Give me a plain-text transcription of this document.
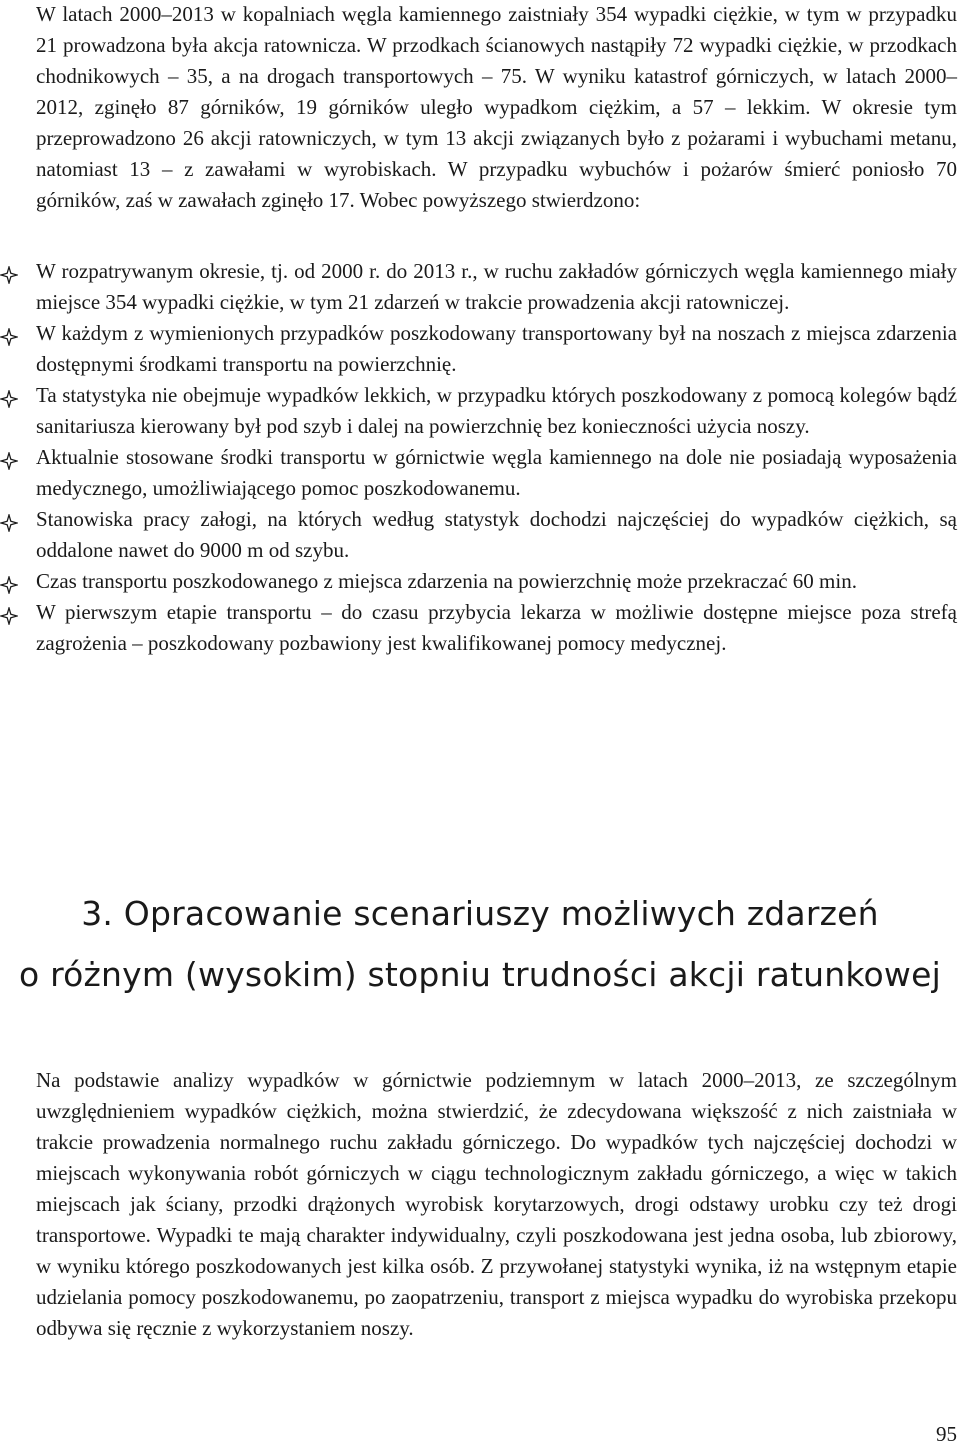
W latach 2000–2013 w kopalniach węgla kamiennego zaistniały 354 wypadki ciężkie, w tym w przypadku 21 prowadzona była akcja ratownicza. W przodkach ścianowych nastąpiły 72 wypadki ciężkie, w przodkach chodnikowych – 35, a na drogach transportowych – 75. W wyniku katastrof górniczych, w latach 2000–2012, zginęło 87 górników, 19 górników uległo wypadkom ciężkim, a 57 – lekkim. W okresie tym przeprowadzono 26 akcji ratowniczych, w tym 13 akcji związanych było z pożarami i wybuchami metanu, natomiast 13 – z zawałami w wyrobiskach. W przypadku wybuchów i pożarów śmierć poniosło 70 górników, zaś w zawałach zginęło 17. Wobec powyższego stwierdzono:

W rozpatrywanym okresie, tj. od 2000 r. do 2013 r., w ruchu zakładów górniczych węgla kamiennego miały miejsce 354 wypadki ciężkie, w tym 21 zdarzeń w trakcie prowadzenia akcji ratowniczej.
W każdym z wymienionych przypadków poszkodowany transportowany był na noszach z miejsca zdarzenia dostępnymi środkami transportu na powierzchnię.
Ta statystyka nie obejmuje wypadków lekkich, w przypadku których poszkodowany z pomocą kolegów bądź sanitariusza kierowany był pod szyb i dalej na powierzchnię bez konieczności użycia noszy.
Aktualnie stosowane środki transportu w górnictwie węgla kamiennego na dole nie posiadają wyposażenia medycznego, umożliwiającego pomoc poszkodowanemu.
Stanowiska pracy załogi, na których według statystyk dochodzi najczęściej do wypadków ciężkich, są oddalone nawet do 9000 m od szybu.
Czas transportu poszkodowanego z miejsca zdarzenia na powierzchnię może przekraczać 60 min.
W pierwszym etapie transportu – do czasu przybycia lekarza w możliwie dostępne miejsce poza strefą zagrożenia – poszkodowany pozbawiony jest kwalifikowanej pomocy medycznej.
3. Opracowanie scenariuszy możliwych zdarzeń
o różnym (wysokim) stopniu trudności akcji ratunkowej

Na podstawie analizy wypadków w górnictwie podziemnym w latach 2000–2013, ze szczególnym uwzględnieniem wypadków ciężkich, można stwierdzić, że zdecydowana większość z nich zaistniała w trakcie prowadzenia normalnego ruchu zakładu górniczego. Do wypadków tych najczęściej dochodzi w miejscach wykonywania robót górniczych w ciągu technologicznym zakładu górniczego, a więc w takich miejscach jak ściany, przodki drążonych wyrobisk korytarzowych, drogi odstawy urobku czy też drogi transportowe. Wypadki te mają charakter indywidualny, czyli poszkodowana jest jedna osoba, lub zbiorowy, w wyniku którego poszkodowanych jest kilka osób. Z przywołanej statystyki wynika, iż na wstępnym etapie udzielania pomocy poszkodowanemu, po zaopatrzeniu, transport z miejsca wypadku do wyrobiska przekopu odbywa się ręcznie z wykorzystaniem noszy.

95
